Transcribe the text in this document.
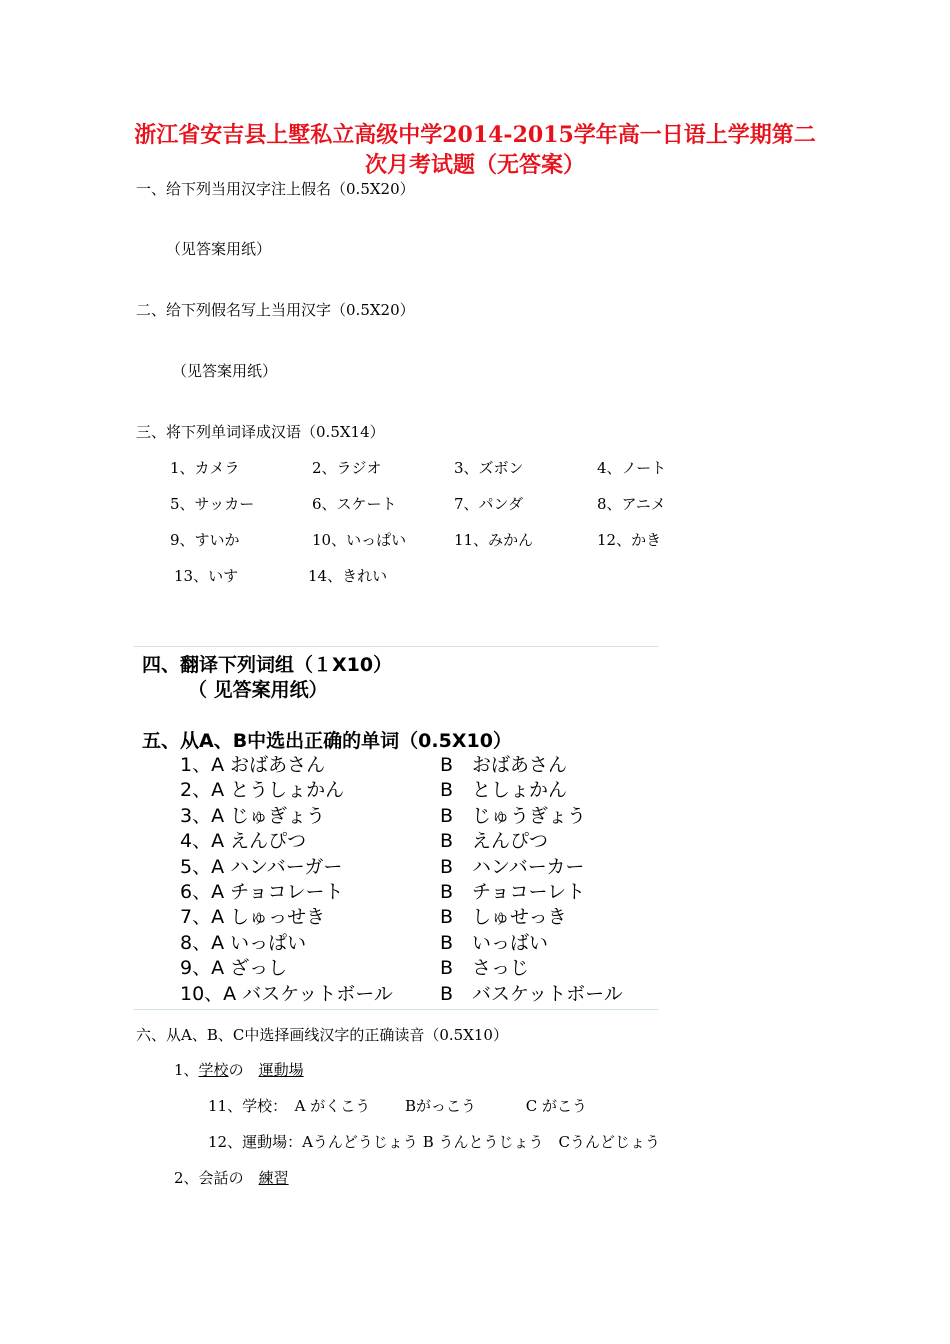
浙江省安吉县上墅私立高级中学2014-2015学年高一日语上学期第二
次月考试题（无答案）
一、给下列当用汉字注上假名（0.5X20）
（见答案用纸）
二、给下列假名写上当用汉字（0.5X20）
（见答案用纸）
三、将下列单词译成汉语（0.5X14）
1、カメラ	2、ラジオ	3、ズボン	4、ノート
5、サッカー	6、スケート	7、パンダ	8、アニメ
9、すいか	10、いっぱい	11、みかん	12、かき
13、いす	14、きれい
四、翻译下列词组（１X10）
（ 见答案用纸）
五、从A、B中选出正确的单词（0.5X10）
1、A おばあさん	B　おばあさん
2、A とうしょかん	B　としょかん
3、A じゅぎょう	B　じゅうぎょう
4、A えんぴつ	B　えんぴつ
5、A ハンバーガー	B　ハンバーカー
6、A チョコレート	B　チョコーレト
7、A しゅっせき	B　しゅせっき
8、A いっぱい	B　いっばい
9、A ざっし	B　さっじ
10、A バスケットボール B　バスケットボール
六、从A、B、C中选择画线汉字的正确读音（0.5X10）
1、学校の　運動場
11、学校：　A がくこう　　 Bがっこう　　　 C がこう
12、運動場：Aうんどうじょう B うんとうじょう　Cうんどじょう
2、会話の　練習
